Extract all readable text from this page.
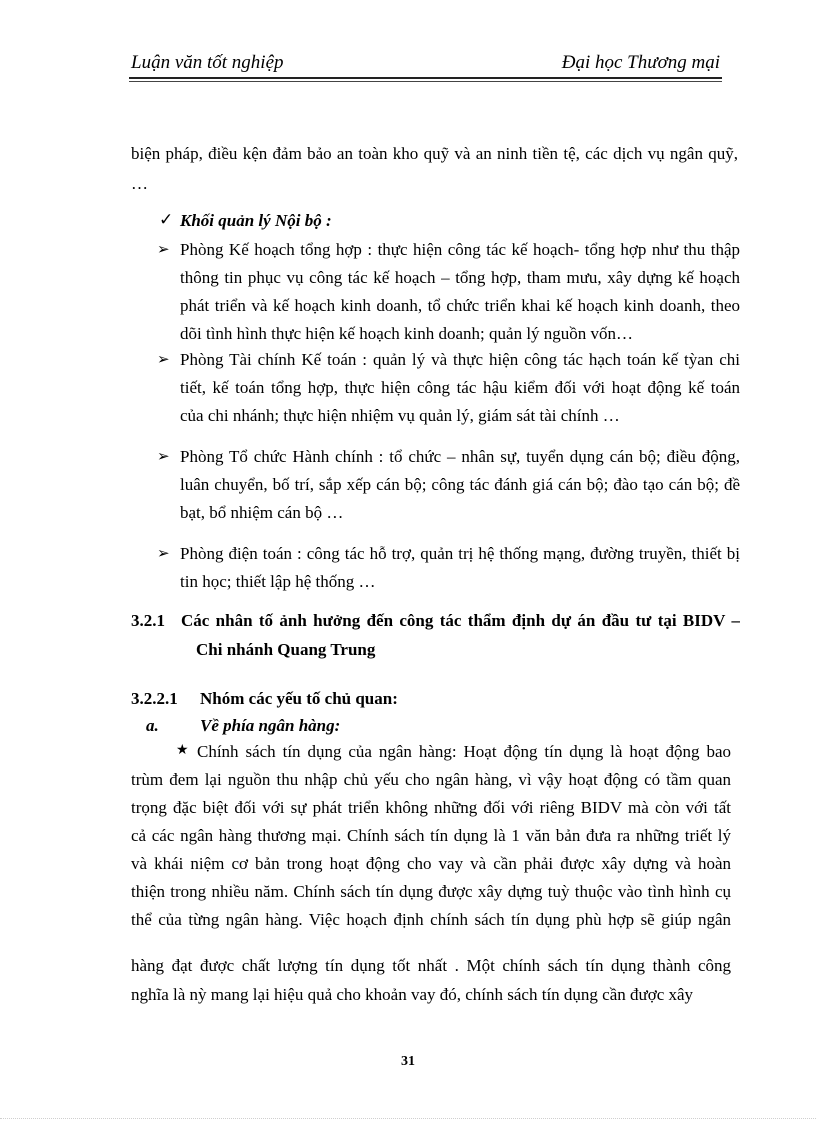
Luận văn tốt nghiệp	Đại học Thương mại
biện pháp, điều kện đảm bảo an toàn kho quỹ và an ninh tiền tệ, các dịch vụ ngân quỹ,
…
✓ Khối quản lý Nội bộ :
➢ Phòng Kế hoạch tổng hợp : thực hiện công tác kế hoạch- tổng hợp như thu thập
thông tin phục vụ công tác kế hoạch – tổng hợp, tham mưu, xây dựng kế hoạch
phát triển và kế hoạch kinh doanh, tổ chức triển khai kế hoạch kinh doanh, theo
dõi tình hình thực hiện kế hoạch kinh doanh; quản lý nguồn vốn…
➢ Phòng Tài chính Kế toán : quản lý và thực hiện công tác hạch toán kế tỳan chi
tiết, kế toán tổng hợp, thực hiện công tác hậu kiểm đối với hoạt động kế toán
của chi nhánh; thực hiện nhiệm vụ quản lý, giám sát tài chính …
➢ Phòng Tổ chức Hành chính : tổ chức – nhân sự, tuyển dụng cán bộ; điều động,
luân chuyển, bố trí, sắp xếp cán bộ; công tác đánh giá cán bộ; đào tạo cán bộ; đề
bạt, bổ nhiệm cán bộ …
➢ Phòng điện toán : công tác hỗ trợ, quản trị hệ thống mạng, đường truyền, thiết bị
tin học; thiết lập hệ thống …
3.2.1 Các nhân tố ảnh hưởng đến công tác thẩm định dự án đầu tư tại BIDV –
Chi nhánh Quang Trung
3.2.2.1 Nhóm các yếu tố chủ quan:
a. Về phía ngân hàng:
★ Chính sách tín dụng của ngân hàng: Hoạt động tín dụng là hoạt động bao
trùm đem lại nguồn thu nhập chủ yếu cho ngân hàng, vì vậy hoạt động có tầm quan
trọng đặc biệt đối với sự phát triển không những đối với riêng BIDV mà còn với tất
cả các ngân hàng thương mại. Chính sách tín dụng là 1 văn bản đưa ra những triết lý
và khái niệm cơ bản trong hoạt động cho vay và cần phải được xây dựng và hoàn
thiện trong nhiều năm. Chính sách tín dụng được xây dựng tuỳ thuộc vào tình hình cụ
thể của từng ngân hàng. Việc hoạch định chính sách tín dụng phù hợp sẽ giúp ngân
hàng đạt được chất lượng tín dụng tốt nhất . Một chính sách tín dụng thành công
nghĩa là nỳ mang lại hiệu quả cho khoản vay đó, chính sách tín dụng cần được xây
31
